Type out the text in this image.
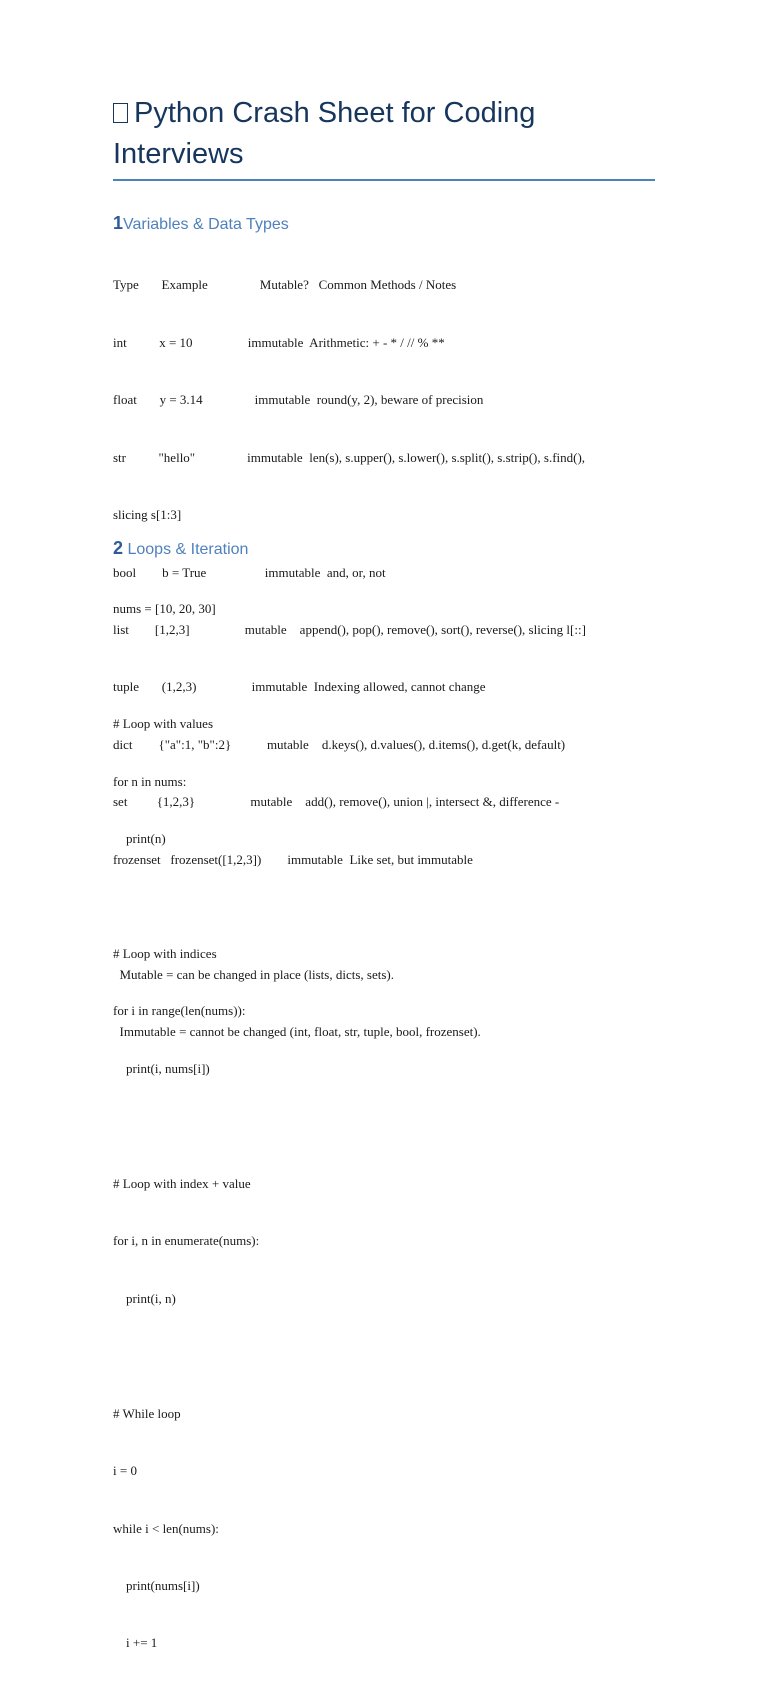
Python Crash Sheet for Coding Interviews
1Variables & Data Types

Type       Example                Mutable?   Common Methods / Notes

int          x = 10                 immutable  Arithmetic: + - * / // % **

float       y = 3.14                immutable  round(y, 2), beware of precision

str          "hello"                immutable  len(s), s.upper(), s.lower(), s.split(), s.strip(), s.find(),

slicing s[1:3]

bool        b = True                  immutable  and, or, not

list        [1,2,3]                 mutable    append(), pop(), remove(), sort(), reverse(), slicing l[::]

tuple       (1,2,3)                 immutable  Indexing allowed, cannot change

dict        {"a":1, "b":2}           mutable    d.keys(), d.values(), d.items(), d.get(k, default)

set         {1,2,3}                 mutable    add(), remove(), union |, intersect &, difference -

frozenset   frozenset([1,2,3])        immutable  Like set, but immutable

Mutable = can be changed in place (lists, dicts, sets).

Immutable = cannot be changed (int, float, str, tuple, bool, frozenset).

2 Loops & Iteration

nums = [10, 20, 30]

# Loop with values

for n in nums:

print(n)

# Loop with indices

for i in range(len(nums)):

print(i, nums[i])

# Loop with index + value

for i, n in enumerate(nums):

print(i, n)

# While loop

i = 0

while i < len(nums):

print(nums[i])

i += 1
